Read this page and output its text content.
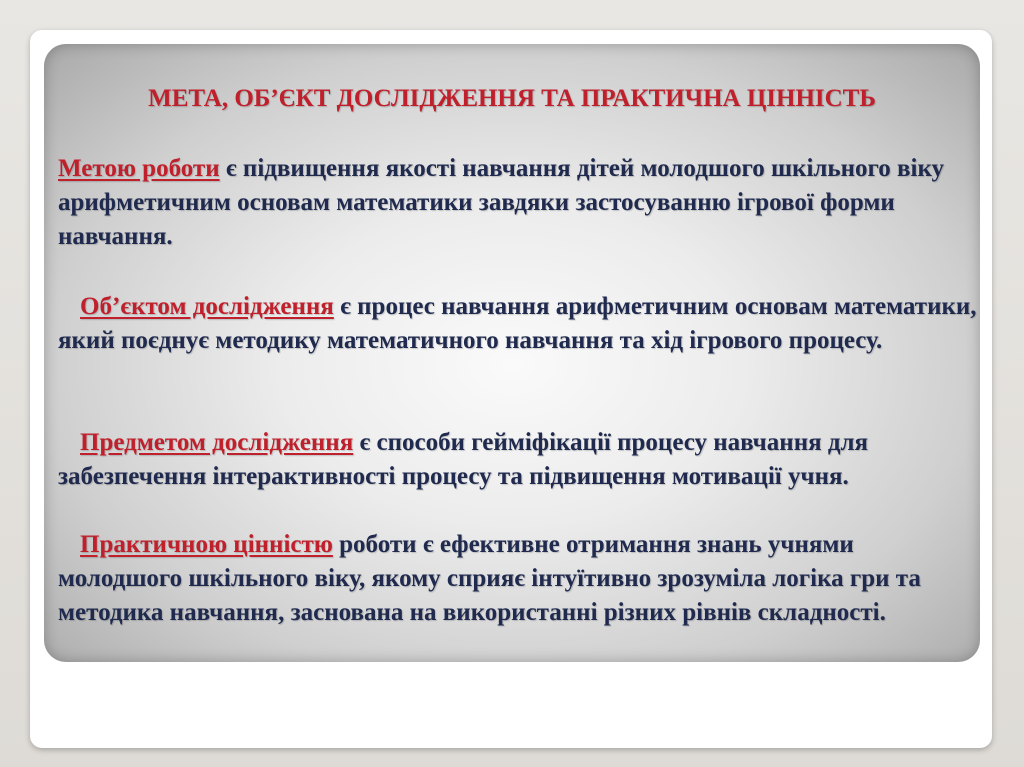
МЕТА, ОБ’ЄКТ ДОСЛІДЖЕННЯ ТА ПРАКТИЧНА ЦІННІСТЬ

Метою роботи є підвищення якості навчання дітей молодшого шкільного віку арифметичним основам математики завдяки застосуванню ігрової форми навчання.

Об’єктом дослідження є процес навчання арифметичним основам математики, який поєднує методику математичного навчання та хід ігрового процесу.

Предметом дослідження є способи гейміфікації процесу навчання для забезпечення інтерактивності процесу та підвищення мотивації учня.

Практичною цінністю роботи є ефективне отримання знань учнями молодшого шкільного віку, якому сприяє інтуїтивно зрозуміла логіка гри та методика навчання, заснована на використанні різних рівнів складності.
